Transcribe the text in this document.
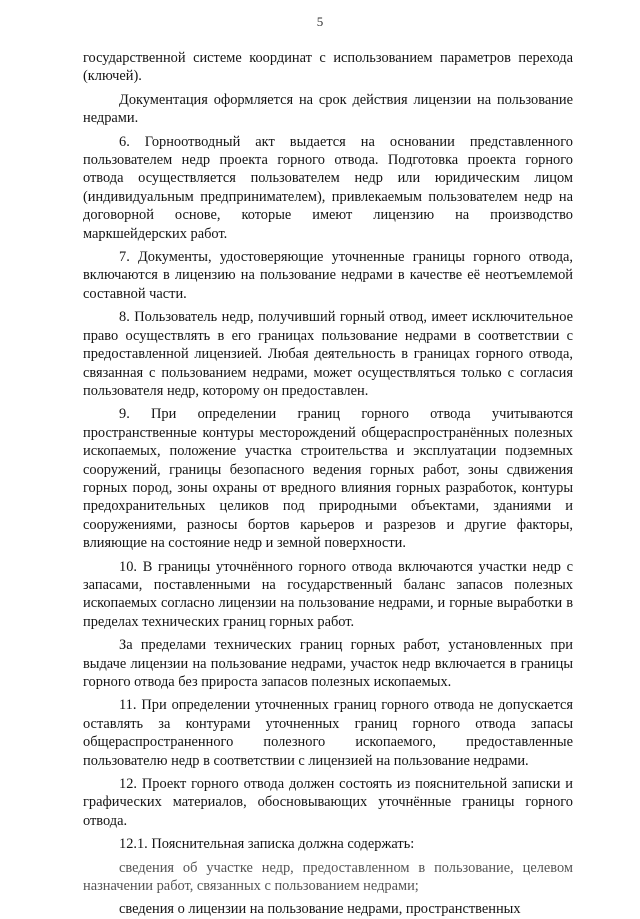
5

государственной системе координат с использованием параметров перехода (ключей).

Документация оформляется на срок действия лицензии на пользование недрами.

6. Горноотводный акт выдается на основании представленного пользователем недр проекта горного отвода. Подготовка проекта горного отвода осуществляется пользователем недр или юридическим лицом (индивидуальным предпринимателем), привлекаемым пользователем недр на договорной основе, которые имеют лицензию на производство маркшейдерских работ.

7. Документы, удостоверяющие уточненные границы горного отвода, включаются в лицензию на пользование недрами в качестве её неотъемлемой составной части.

8. Пользователь недр, получивший горный отвод, имеет исключительное право осуществлять в его границах пользование недрами в соответствии с предоставленной лицензией. Любая деятельность в границах горного отвода, связанная с пользованием недрами, может осуществляться только с согласия пользователя недр, которому он предоставлен.

9. При определении границ горного отвода учитываются пространственные контуры месторождений общераспространённых полезных ископаемых, положение участка строительства и эксплуатации подземных сооружений, границы безопасного ведения горных работ, зоны сдвижения горных пород, зоны охраны от вредного влияния горных разработок, контуры предохранительных целиков под природными объектами, зданиями и сооружениями, разносы бортов карьеров и разрезов и другие факторы, влияющие на состояние недр и земной поверхности.

10. В границы уточнённого горного отвода включаются участки недр с запасами, поставленными на государственный баланс запасов полезных ископаемых согласно лицензии на пользование недрами, и горные выработки в пределах технических границ горных работ.

За пределами технических границ горных работ, установленных при выдаче лицензии на пользование недрами, участок недр включается в границы горного отвода без прироста запасов полезных ископаемых.

11. При определении уточненных границ горного отвода не допускается оставлять за контурами уточненных границ горного отвода запасы общераспространенного полезного ископаемого, предоставленные пользователю недр в соответствии с лицензией на пользование недрами.

12. Проект горного отвода должен состоять из пояснительной записки и графических материалов, обосновывающих уточнённые границы горного отвода.

12.1. Пояснительная записка должна содержать:

сведения об участке недр, предоставленном в пользование, целевом назначении работ, связанных с пользованием недрами;

сведения о лицензии на пользование недрами, пространственных
